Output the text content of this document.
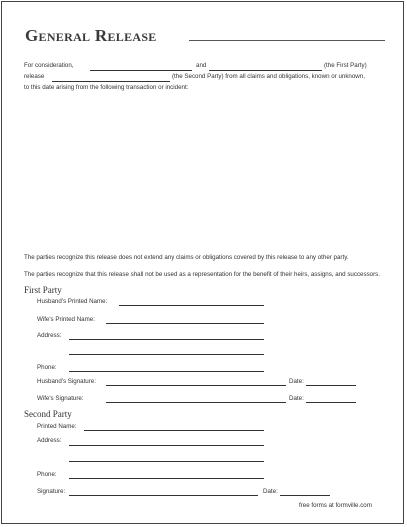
General Release
For consideration,	and	(the First Party)
release	(the Second Party) from all claims and obligations, known or unknown,
to this date arising from the following transaction or incident:
The parties recognize this release does not extend any claims or obligations covered by this release to any other party.
The parties recognize that this release shall not be used as a representation for the benefit of their heirs, assigns, and successors.
First Party
Husband's Printed Name:
Wife's Printed Name:
Address:
Phone:
Husband's Signature:	Date:
Wife's Signature:	Date:
Second Party
Printed Name:
Address:
Phone:
Signature:	Date:
free forms at formville.com
